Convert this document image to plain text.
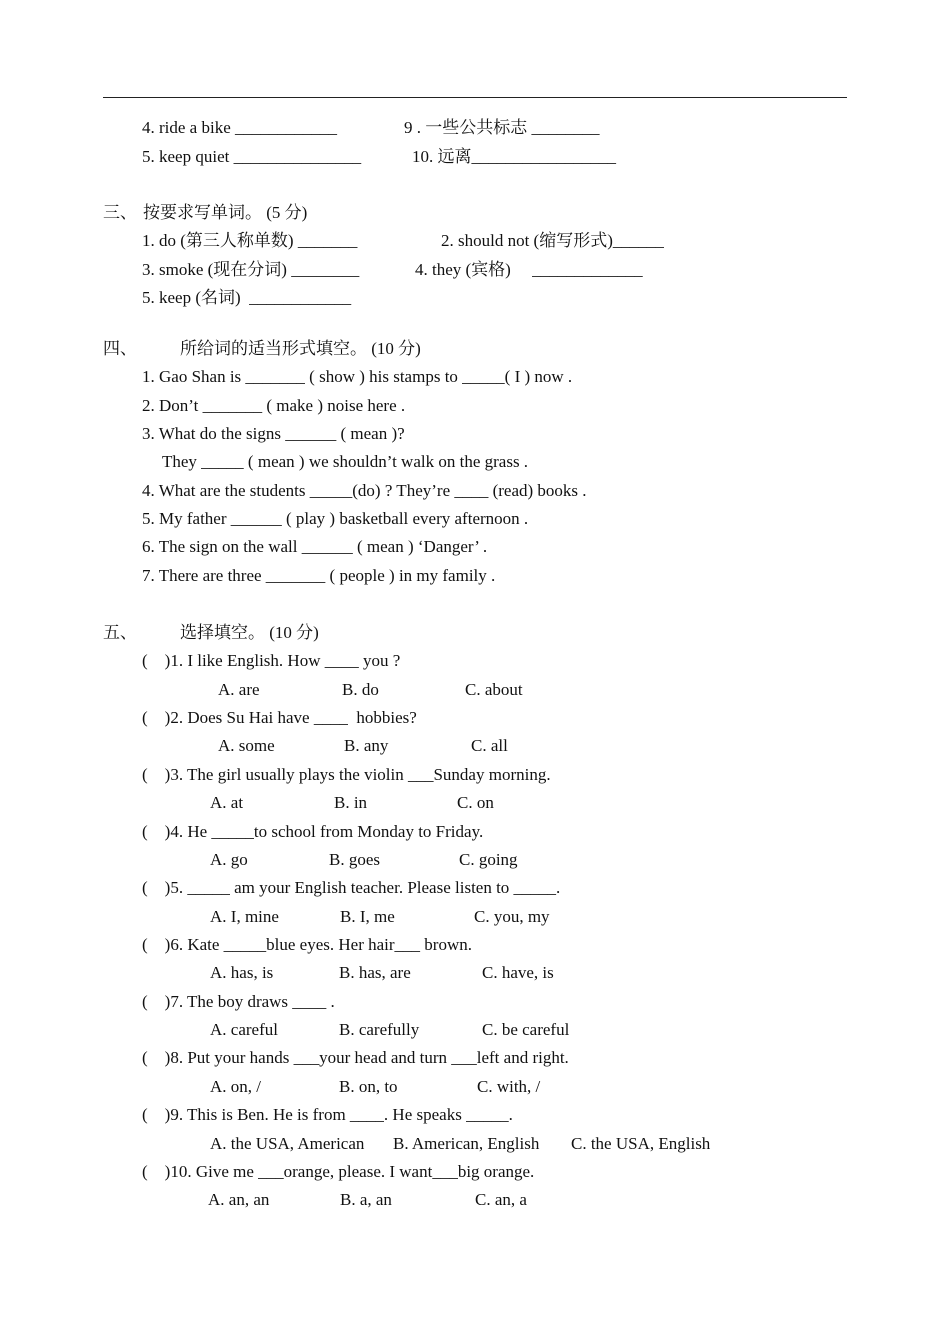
4. ride a bike ____________	9 . 一些公共标志 ________
5. keep quiet _______________	10. 远离_________________
三、 按要求写单词。 (5 分)
1. do (第三人称单数) _______	2. should not (缩写形式)______
3. smoke (现在分词) ________	4. they (宾格)     _____________
5. keep (名词)  ____________
四、	所给词的适当形式填空。 (10 分)
1. Gao Shan is _______ ( show ) his stamps to _____( I ) now .
2. Don’t _______ ( make ) noise here .
3. What do the signs ______ ( mean )?
They _____ ( mean ) we shouldn’t walk on the grass .
4. What are the students _____(do) ? They’re ____ (read) books .
5. My father ______ ( play ) basketball every afternoon .
6. The sign on the wall ______ ( mean ) ‘Danger’ .
7. There are three _______ ( people ) in my family .
五、	选择填空。 (10 分)
(    )1. I like English. How ____ you ?
A. are	B. do	C. about
(    )2. Does Su Hai have ____  hobbies?
A. some	B. any	C. all
(    )3. The girl usually plays the violin ___Sunday morning.
A. at	B. in	C. on
(    )4. He _____to school from Monday to Friday.
A. go	B. goes	C. going
(    )5. _____ am your English teacher. Please listen to _____.
A. I, mine	B. I, me	C. you, my
(    )6. Kate _____blue eyes. Her hair___ brown.
A. has, is	B. has, are	C. have, is
(    )7. The boy draws ____ .
A. careful	B. carefully	C. be careful
(    )8. Put your hands ___your head and turn ___left and right.
A. on, /	B. on, to	C. with, /
(    )9. This is Ben. He is from ____. He speaks _____.
A. the USA, American B. American, English C. the USA, English
(    )10. Give me ___orange, please. I want___big orange.
A. an, an	B. a, an	C. an, a
